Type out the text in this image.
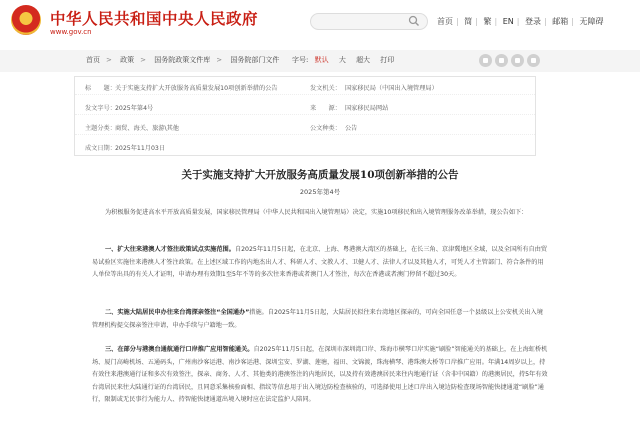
中华人民共和国中央人民政府
www.gov.cn
首页 | 简 | 繁 | EN | 登录 | 邮箱 | 无障碍
首页 > 政策 > 国务院政策文件库 > 国务院部门文件 字号: 默认 大 超大 打印
标　　题： 关于实施支持扩大开放服务高质量发展10项创新举措的公告	发文机关： 国家移民局（中国出入境管理局）
发文字号： 2025年第4号	来　　源： 国家移民局网站
主题分类： 商贸、海关、旅游\其他	公文种类： 公告
成文日期： 2025年11月03日
关于实施支持扩大开放服务高质量发展10项创新举措的公告
2025年第4号

为积极服务促进高水平开放高质量发展，国家移民管理局（中华人民共和国出入境管理局）决定，实施10项移民和出入境管理服务改革举措，现公告如下：

一、扩大往来港澳人才签注政策试点实施范围。自2025年11月5日起，在北京、上海、粤港澳大湾区的基础上，在长三角、京津冀地区全域，以及全国所有自由贸易试验区实施往来港澳人才签注政策。在上述区域工作的内地杰出人才、科研人才、文教人才、卫健人才、法律人才以及其他人才，可凭人才主管部门、符合条件的用人单位等出具的有关人才证明，申请办理有效期1至5年不等的多次往来香港或者澳门人才签注，每次在香港或者澳门停留不超过30天。

二、实施大陆居民申办往来台湾探亲签注“全国通办”措施。自2025年11月5日起，大陆居民拟往来台湾地区探亲的，可向全国任意一个县级以上公安机关出入境管理机构提交探亲签注申请，申办手续与户籍地一致。

三、在部分与港澳台通航通行口岸推广应用智能通关。自2025年11月5日起，在深圳市深圳湾口岸、珠海市横琴口岸实施“刷脸”智能通关的基础上，在上海虹桥机场、厦门高崎机场、五通码头，广州南沙客运港、南沙客运港、深圳宝安、罗湖、莲塘，福田、文锦渡，珠海横琴、港珠澳大桥等口岸推广应用。年满14周岁以上，持有效往来港澳通行证和多次有效签注，探亲、商务、人才、其他类的港澳签注的内地居民，以及持有效港澳居民来往内地通行证（含非中国籍）的港澳居民，持5年有效台湾居民来往大陆通行证的台湾居民，且同意采集核验面相、指纹等信息用于出入境边防检查核验的，可选择使用上述口岸出入境边防检查现场智能快捷通道“刷脸”通行，限制或无民事行为能力人、持智能快捷通道出境入境时应在法定监护人陪同。
